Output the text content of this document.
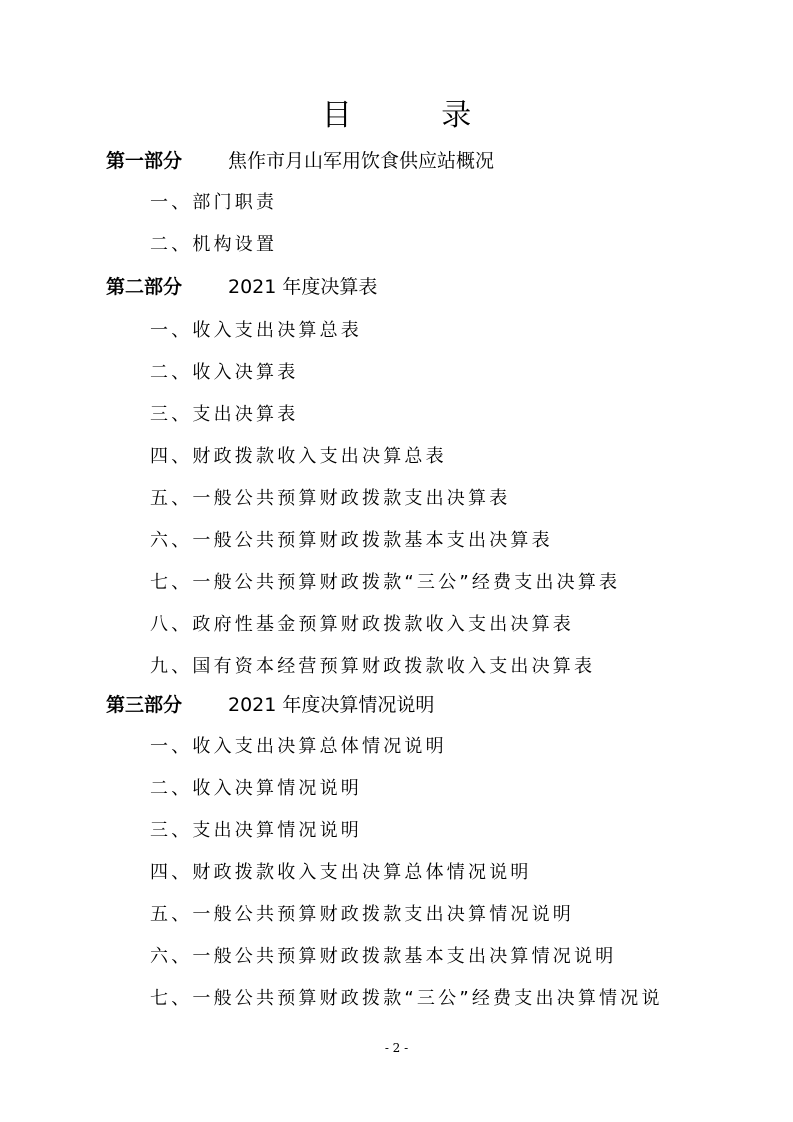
目 录
第一部分 焦作市月山军用饮食供应站概况
一、部门职责
二、机构设置
第二部分 2021 年度决算表
一、收入支出决算总表
二、收入决算表
三、支出决算表
四、财政拨款收入支出决算总表
五、一般公共预算财政拨款支出决算表
六、一般公共预算财政拨款基本支出决算表
七、一般公共预算财政拨款“三公”经费支出决算表
八、政府性基金预算财政拨款收入支出决算表
九、国有资本经营预算财政拨款收入支出决算表
第三部分 2021 年度决算情况说明
一、收入支出决算总体情况说明
二、收入决算情况说明
三、支出决算情况说明
四、财政拨款收入支出决算总体情况说明
五、一般公共预算财政拨款支出决算情况说明
六、一般公共预算财政拨款基本支出决算情况说明
七、一般公共预算财政拨款“三公”经费支出决算情况说
- 2 -
